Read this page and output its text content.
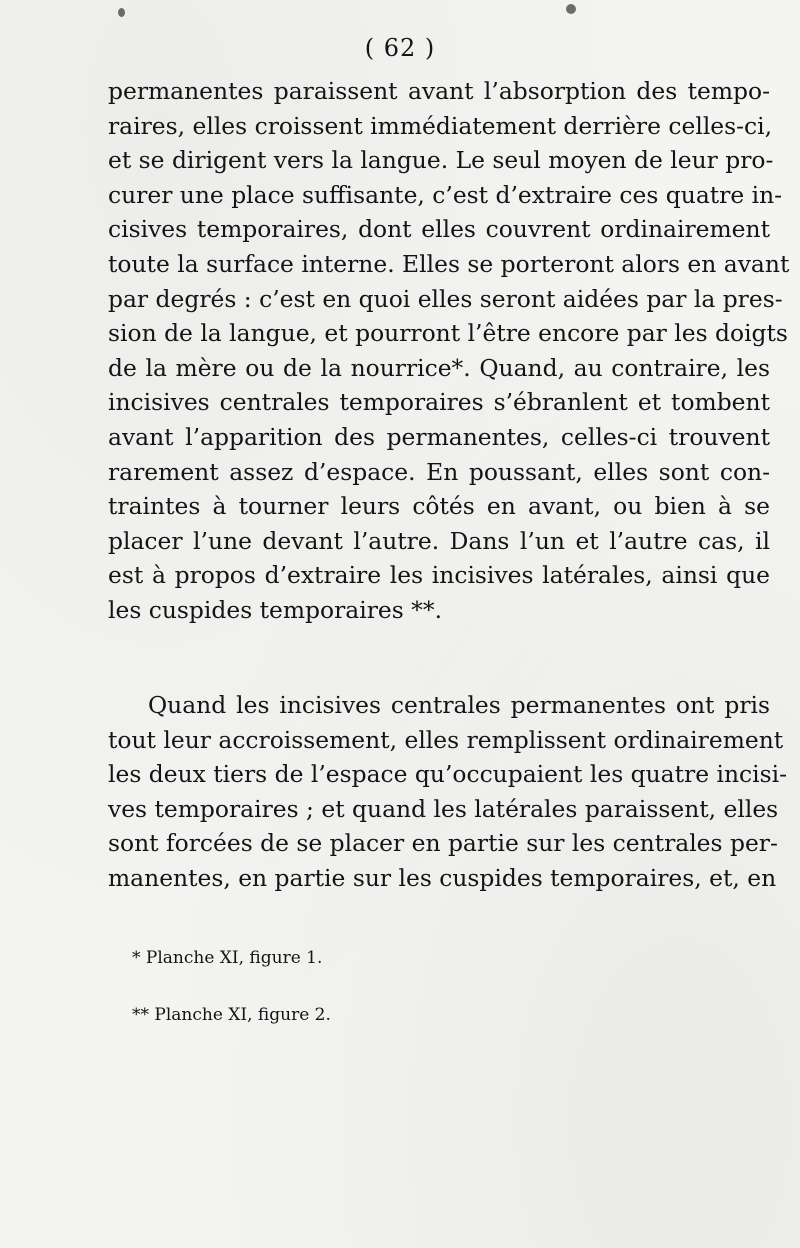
( 62 )
permanentes paraissent avant l’absorption des tempo-
raires, elles croissent immédiatement derrière celles-ci,
et se dirigent vers la langue. Le seul moyen de leur pro-
curer une place suffisante, c’est d’extraire ces quatre in-
cisives temporaires, dont elles couvrent ordinairement
toute la surface interne. Elles se porteront alors en avant
par degrés : c’est en quoi elles seront aidées par la pres-
sion de la langue, et pourront l’être encore par les doigts
de la mère ou de la nourrice*. Quand, au contraire, les
incisives centrales temporaires s’ébranlent et tombent
avant l’apparition des permanentes, celles-ci trouvent
rarement assez d’espace. En poussant, elles sont con-
traintes à tourner leurs côtés en avant, ou bien à se
placer l’une devant l’autre. Dans l’un et l’autre cas, il
est à propos d’extraire les incisives latérales, ainsi que
les cuspides temporaires **.
Quand les incisives centrales permanentes ont pris
tout leur accroissement, elles remplissent ordinairement
les deux tiers de l’espace qu’occupaient les quatre incisi-
ves temporaires ; et quand les latérales paraissent, elles
sont forcées de se placer en partie sur les centrales per-
manentes, en partie sur les cuspides temporaires, et, en
* Planche XI, figure 1.
** Planche XI, figure 2.
